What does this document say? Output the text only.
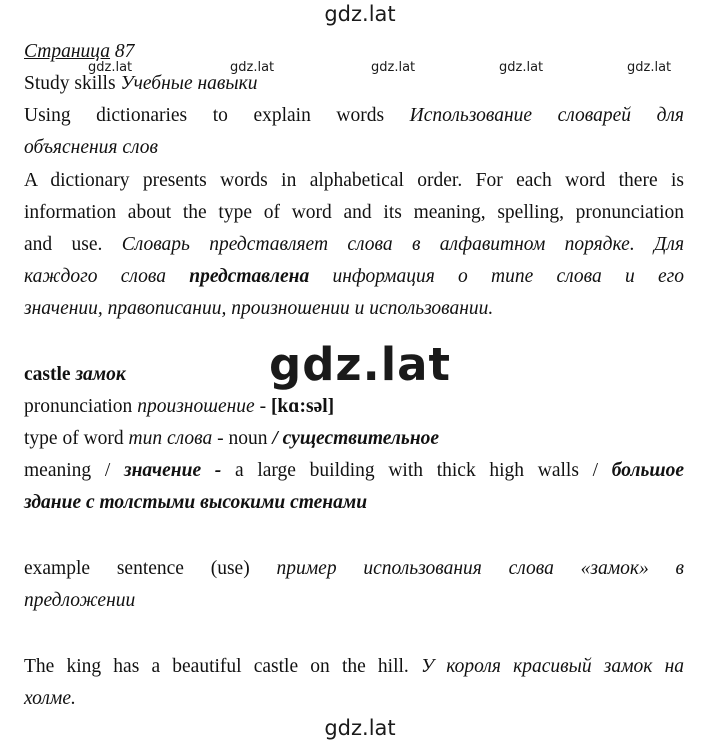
gdz.lat
gdz.lat	gdz.lat	gdz.lat	gdz.lat	gdz.lat
gdz.lat
gdz.lat
Страница 87
Study skills Учебные навыки
Using dictionaries to explain words Использование словарей для
объяснения слов
A dictionary presents words in alphabetical order. For each word there is
information about the type of word and its meaning, spelling, pronunciation
and use. Словарь представляет слова в алфавитном порядке. Для
каждого слова представлена информация о типе слова и его
значении, правописании, произношении и использовании.
castle замок
pronunciation произношение - [kɑ:səl]
type of word тип слова - noun / существительное
meaning / значение - a large building with thick high walls / большое
здание с толстыми высокими стенами
example sentence (use) пример использования слова «замок» в
предложении
The king has a beautiful castle on the hill. У короля красивый замок на
холме.
